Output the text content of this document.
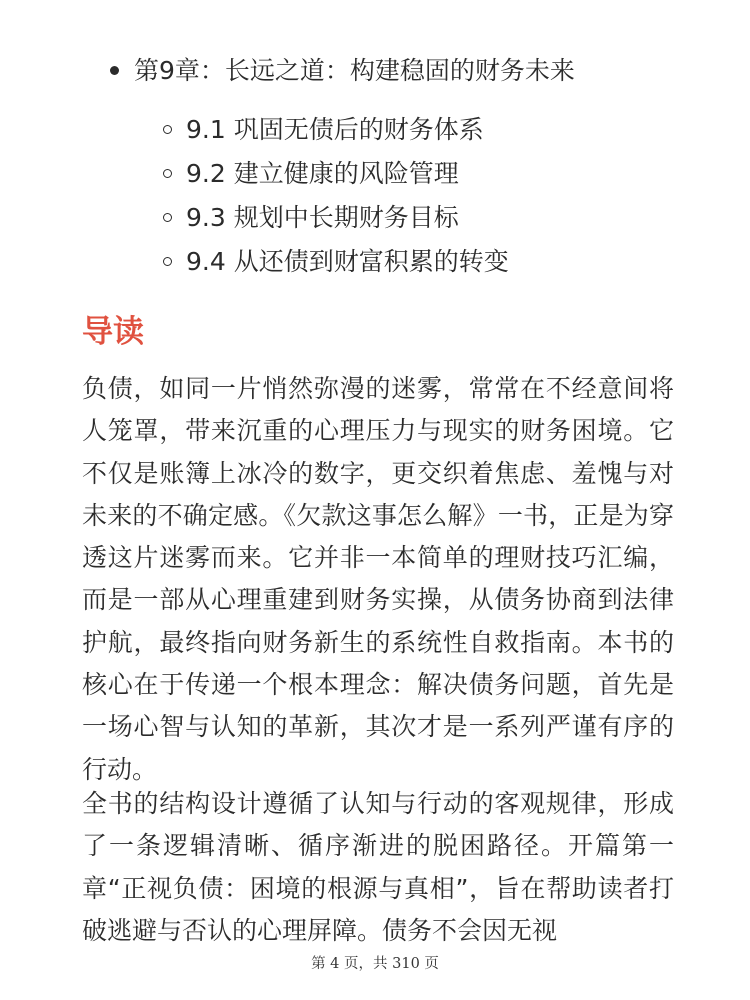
第9章：长远之道：构建稳固的财务未来
9.1 巩固无债后的财务体系
9.2 建立健康的风险管理
9.3 规划中长期财务目标
9.4 从还债到财富积累的转变
导读

负债，如同一片悄然弥漫的迷雾，常常在不经意间将人笼罩，带来沉重的心理压力与现实的财务困境。它不仅是账簿上冰冷的数字，更交织着焦虑、羞愧与对未来的不确定感。《欠款这事怎么解》一书，正是为穿透这片迷雾而来。它并非一本简单的理财技巧汇编，而是一部从心理重建到财务实操，从债务协商到法律护航，最终指向财务新生的系统性自救指南。本书的核心在于传递一个根本理念：解决债务问题，首先是一场心智与认知的革新，其次才是一系列严谨有序的行动。

全书的结构设计遵循了认知与行动的客观规律，形成了一条逻辑清晰、循序渐进的脱困路径。开篇第一章“正视负债：困境的根源与真相”，旨在帮助读者打破逃避与否认的心理屏障。债务不会因无视

第 4 页，共 310 页
